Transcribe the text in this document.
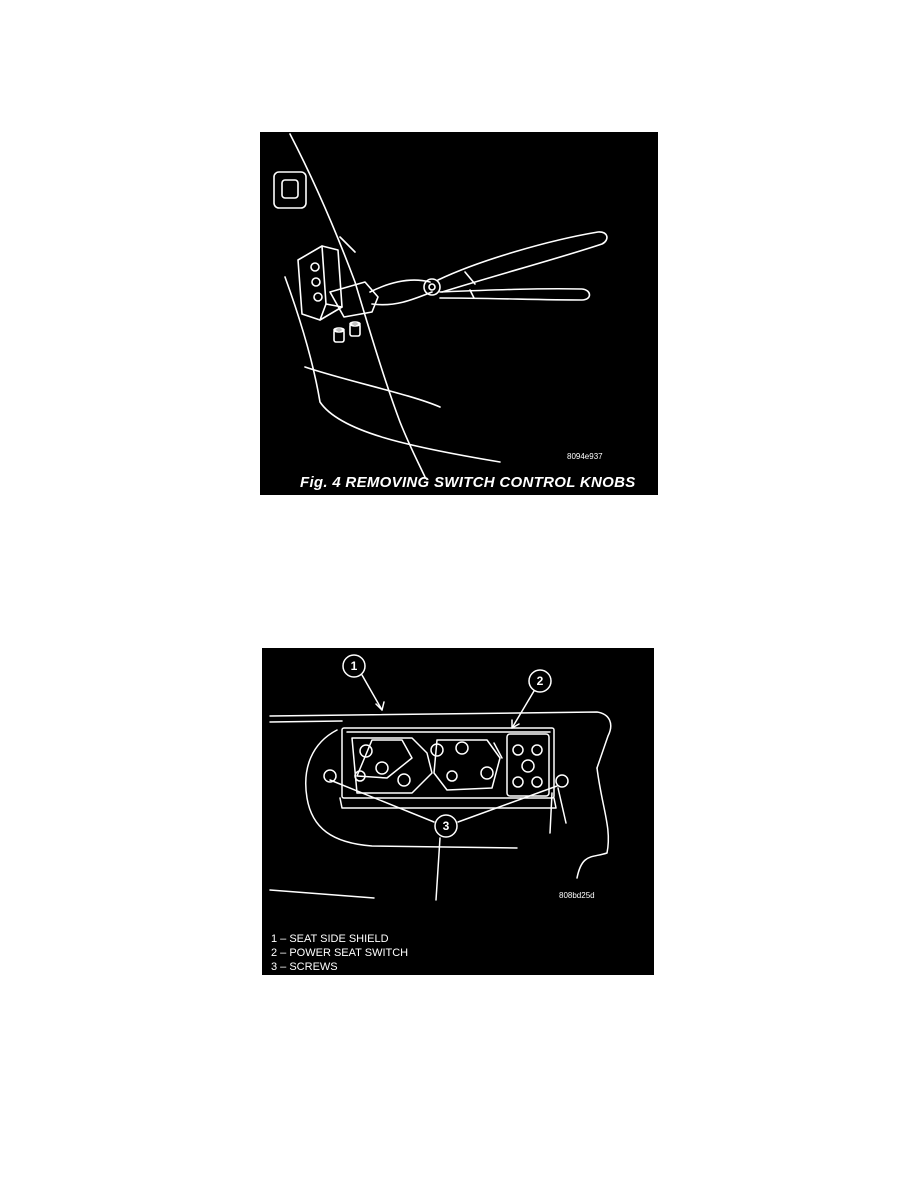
8094e937
Fig. 4 REMOVING SWITCH CONTROL KNOBS
1
2
3
808bd25d
1 – SEAT SIDE SHIELD
2 – POWER SEAT SWITCH
3 – SCREWS
